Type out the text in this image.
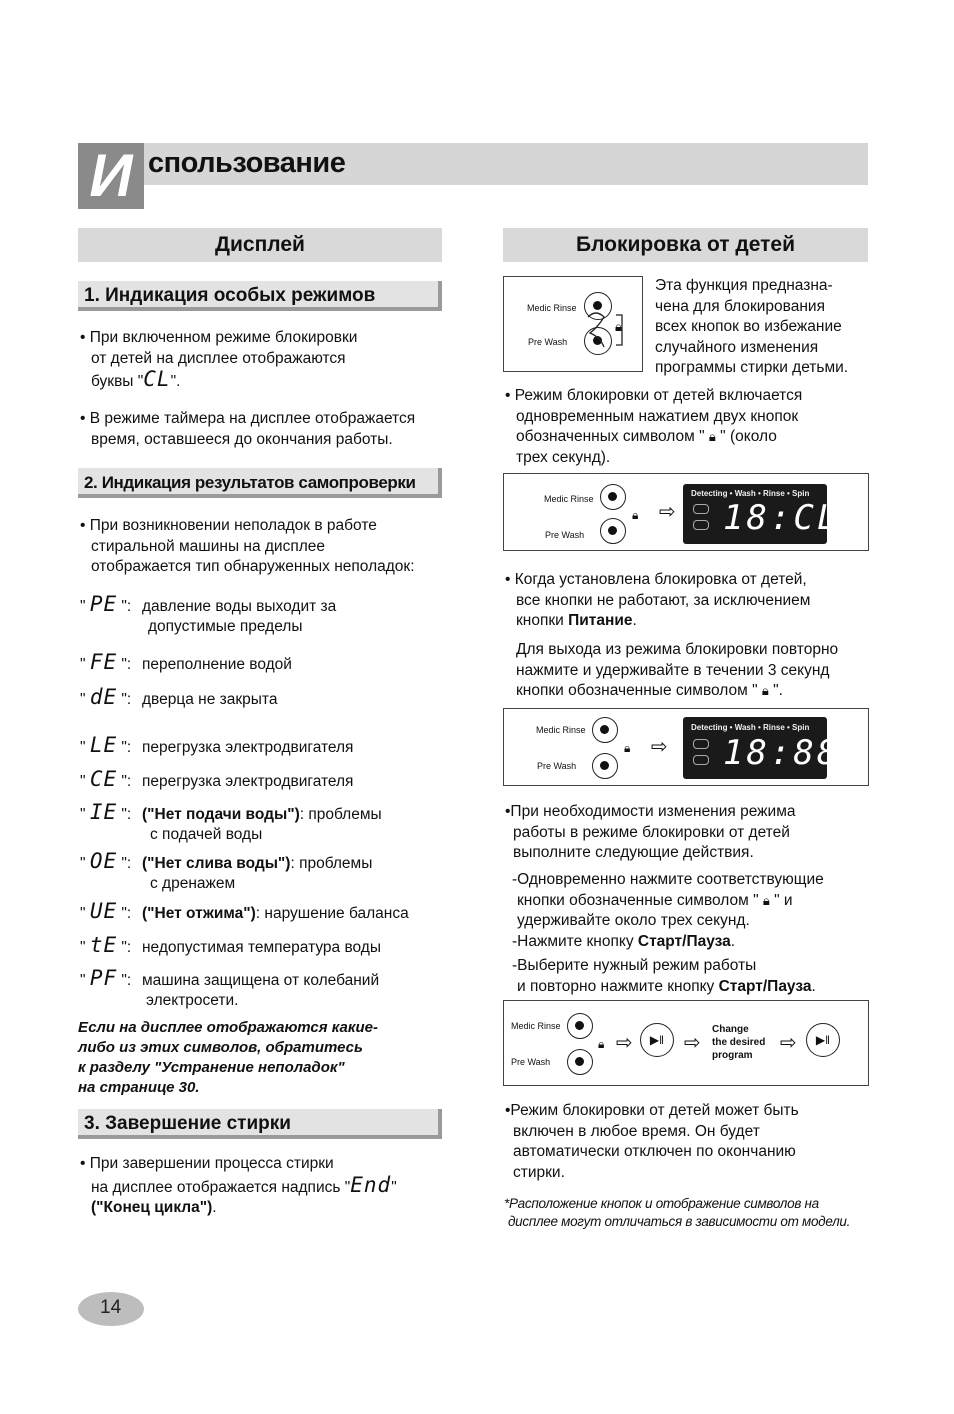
И спользование
Дисплей
1. Индикация особых режимов
• При включенном режиме блокировки
от детей на дисплее отображаются
буквы "CL".
• В режиме таймера на дисплее отображается
время, оставшееся до окончания работы.
2. Индикация результатов самопроверки
• При возникновении неполадок в работе
стиральной машины на дисплее
отображается тип обнаруженных неполадок:
" PE ": давление воды выходит за
допустимые пределы
" FE ": переполнение водой
" dE ": дверца не закрыта
" LE ": перегрузка электродвигателя
" CE ": перегрузка электродвигателя
" IE ": ("Нет подачи воды"): проблемы
с подачей воды
" OE ": ("Нет слива воды"): проблемы
с дренажем
" UE ": ("Нет отжима"): нарушение баланса
" tE ": недопустимая температура воды
" PF ": машина защищена от колебаний
электросети.
Если на дисплее отображаются какие-
либо из этих символов, обратитесь
к разделу "Устранение неполадок"
на странице 30.
3. Завершение стирки
• При завершении процесса стирки
на дисплее отображается надпись "End"
("Конец цикла").
Блокировка от детей
Medic Rinse
Pre Wash
🔒︎
Эта функция предназна-
чена для блокирования
всех кнопок во избежание
случайного изменения
программы стирки детьми.
• Режим блокировки от детей включается
одновременным нажатием двух кнопок
обозначенных символом " 🔒︎ " (около
трех секунд).
Medic Rinse
Pre Wash
🔒︎ ⇨
Detecting • Wash • Rinse • Spin
18:CL
• Когда установлена блокировка от детей,
все кнопки не работают, за исключением
кнопки Питание.
Для выхода из режима блокировки повторно
нажмите и удерживайте в течении 3 секунд
кнопки обозначенные символом " 🔒︎ ".
Medic Rinse
Pre Wash
🔒︎ ⇨
Detecting • Wash • Rinse • Spin
18:88
•При необходимости изменения режима
работы в режиме блокировки от детей
выполните следующие действия.
-Одновременно нажмите соответствующие
кнопки обозначенные символом " 🔒︎ " и
удерживайте около трех секунд.
-Нажмите кнопку Старт/Пауза.
-Выберите нужный режим работы
и повторно нажмите кнопку Старт/Пауза.
Medic Rinse
Pre Wash
🔒︎ ⇨	▶‖ ⇨
Change
the desired
program
⇨	▶‖
•Режим блокировки от детей может быть
включен в любое время. Он будет
автоматически отключен по окончанию
стирки.
*Расположение кнопок и отображение символов на
дисплее могут отличаться в зависимости от модели.
14
